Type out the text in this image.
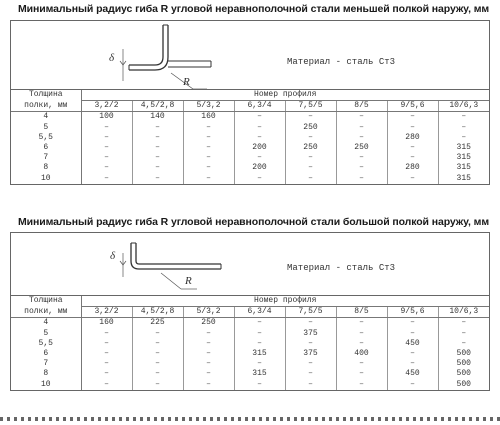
Минимальный радиус гиба R угловой неравнополочной стали меньшей полкой наружу, мм
δ
R
Материал - сталь Ст3
Толщина	Номер профиля							
полки, мм	3,2/2	4,5/2,8	5/3,2	6,3/4	7,5/5	8/5	9/5,6	10/6,3
4	100	140	160	–	–	–	–	–
5	–	–	–	–	250	–	–	–
5,5	–	–	–	–	–	–	280	–
6	–	–	–	200	250	250	–	315
7	–	–	–	–	–	–	–	315
8	–	–	–	200	–	–	280	315
10	–	–	–	–	–	–	–	315
Минимальный радиус гиба R угловой неравнополочной стали большой полкой наружу, мм
δ
R
Материал - сталь Ст3
Толщина	Номер профиля							
полки, мм	3,2/2	4,5/2,8	5/3,2	6,3/4	7,5/5	8/5	9/5,6	10/6,3
4	160	225	250	–	–	–	–	–
5	–	–	–	–	375	–	–	–
5,5	–	–	–	–	–	–	450	–
6	–	–	–	315	375	400	–	500
7	–	–	–	–	–	–	–	500
8	–	–	–	315	–	–	450	500
10	–	–	–	–	–	–	–	500
